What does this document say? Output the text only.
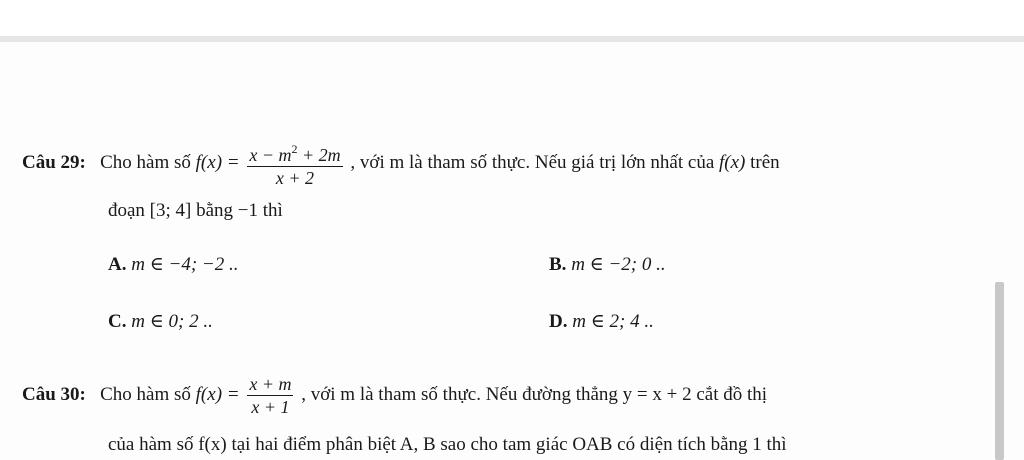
Câu 29: Cho hàm số $f(x) = \frac{x - m^2 + 2m}{x + 2}$ , với m là tham số thực. Nếu giá trị lớn nhất của f(x) trên
đoạn [3; 4] bằng −1 thì
A. m ∈ −4; −2 ..	B. m ∈ −2; 0 ..
C. m ∈ 0; 2 ..	D. m ∈ 2; 4 ..
Câu 30: Cho hàm số $f(x) = \frac{x + m}{x + 1}$ , với m là tham số thực. Nếu đường thẳng y = x + 2 cắt đồ thị
của hàm số f(x) tại hai điểm phân biệt A, B sao cho tam giác OAB có diện tích bằng 1 thì
